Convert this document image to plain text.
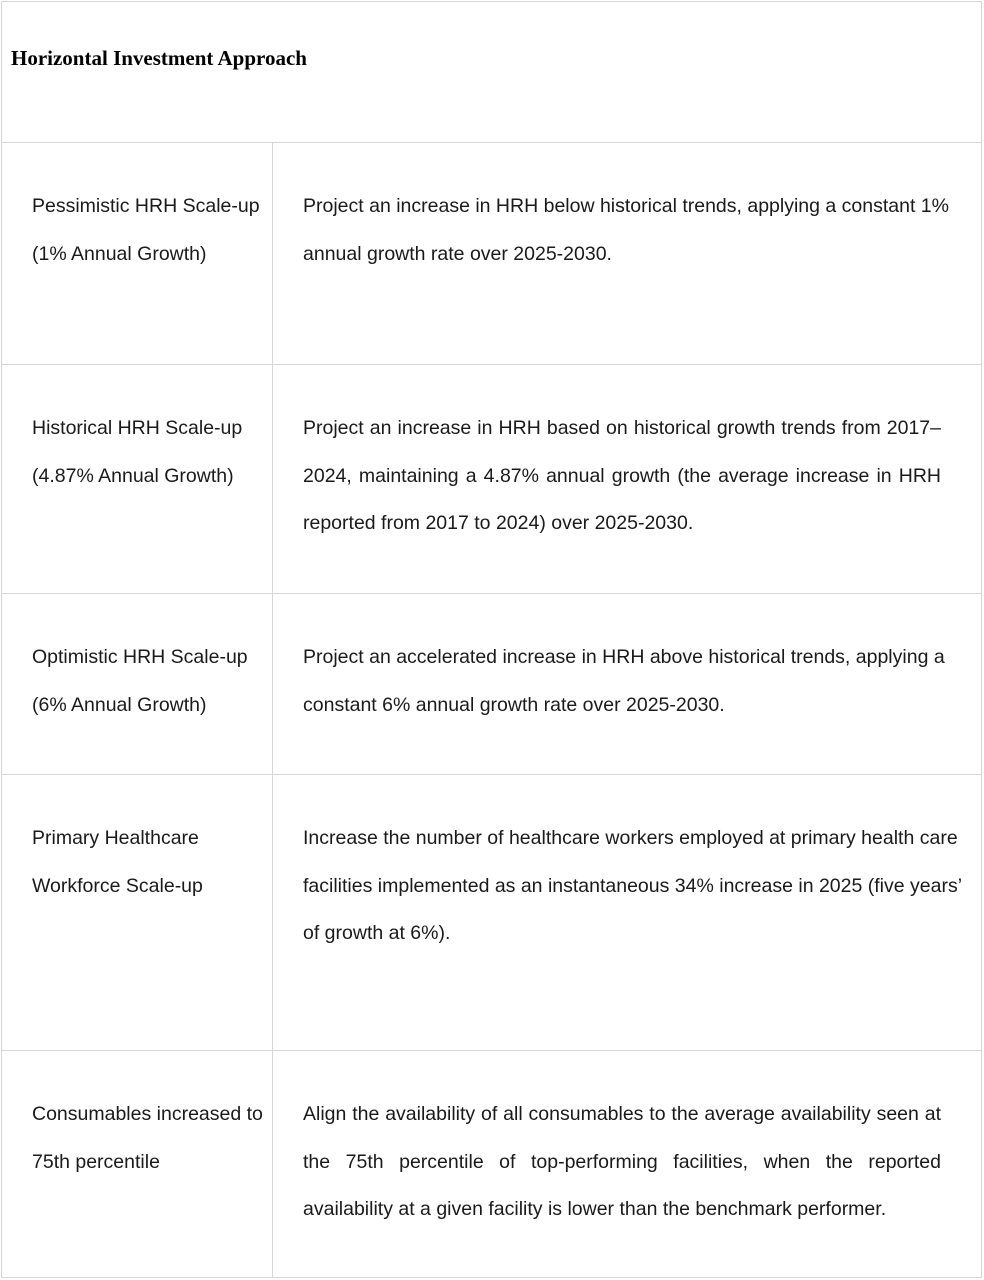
Horizontal Investment Approach
Pessimistic HRH Scale-up
(1% Annual Growth)
Project an increase in HRH below historical trends, applying a constant 1%
annual growth rate over 2025-2030.
Historical HRH Scale-up
(4.87% Annual Growth)
Project an increase in HRH based on historical growth trends from 2017–
2024, maintaining a 4.87% annual growth (the average increase in HRH
reported from 2017 to 2024) over 2025-2030.
Optimistic HRH Scale-up
(6% Annual Growth)
Project an accelerated increase in HRH above historical trends, applying a
constant 6% annual growth rate over 2025-2030.
Primary Healthcare
Workforce Scale-up
Increase the number of healthcare workers employed at primary health care
facilities implemented as an instantaneous 34% increase in 2025 (five years’
of growth at 6%).
Consumables increased to
75th percentile
Align the availability of all consumables to the average availability seen at
the 75th percentile of top-performing facilities, when the reported
availability at a given facility is lower than the benchmark performer.
